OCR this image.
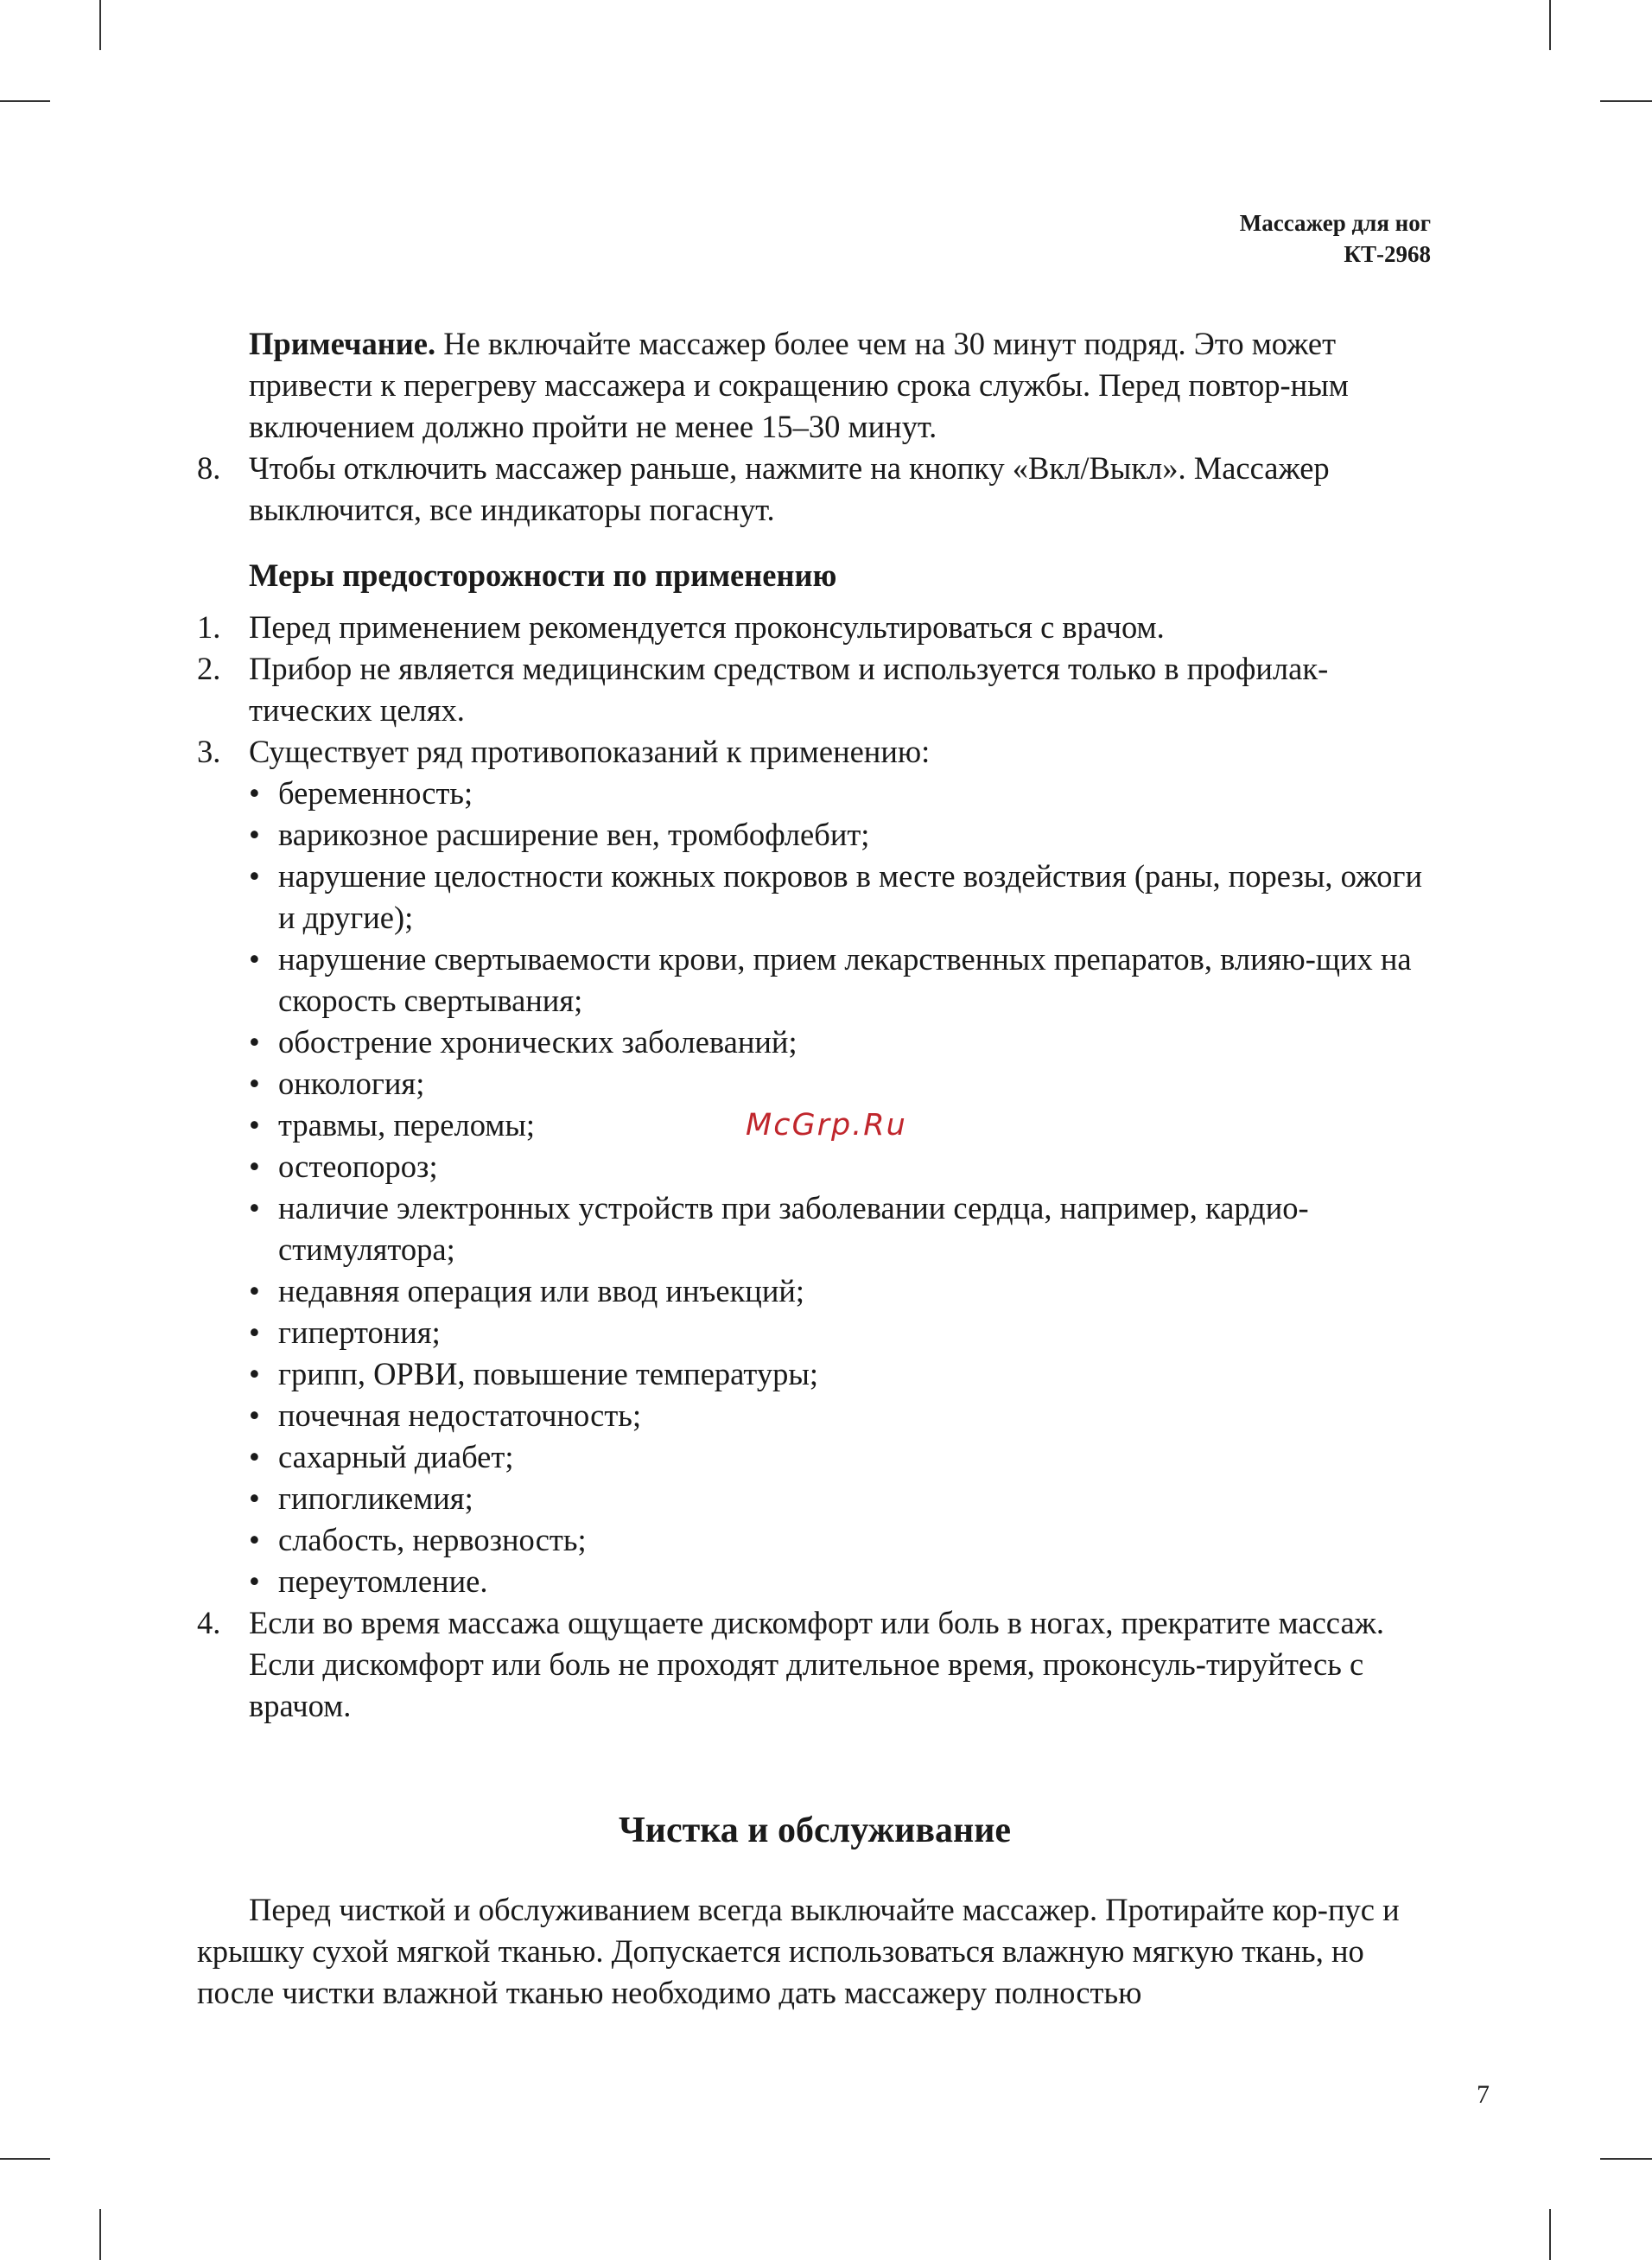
Массажер для ног
КТ-2968
Примечание. Не включайте массажер более чем на 30 минут подряд. Это может привести к перегреву массажера и сокращению срока службы. Перед повтор-ным включением должно пройти не менее 15–30 минут.
8. Чтобы отключить массажер раньше, нажмите на кнопку «Вкл/Выкл». Массажер выключится, все индикаторы погаснут.
Меры предосторожности по применению
1. Перед применением рекомендуется проконсультироваться с врачом.
2. Прибор не является медицинским средством и используется только в профилак-тических целях.
3. Существует ряд противопоказаний к применению:
• беременность;
• варикозное расширение вен, тромбофлебит;
• нарушение целостности кожных покровов в месте воздействия (раны, порезы, ожоги и другие);
• нарушение свертываемости крови, прием лекарственных препаратов, влияю-щих на скорость свертывания;
• обострение хронических заболеваний;
• онкология;
• травмы, переломы;
• остеопороз;
• наличие электронных устройств при заболевании сердца, например, кардио-стимулятора;
• недавняя операция или ввод инъекций;
• гипертония;
• грипп, ОРВИ, повышение температуры;
• почечная недостаточность;
• сахарный диабет;
• гипогликемия;
• слабость, нервозность;
• переутомление.
4. Если во время массажа ощущаете дискомфорт или боль в ногах, прекратите массаж. Если дискомфорт или боль не проходят длительное время, проконсуль-тируйтесь с врачом.
Чистка и обслуживание
Перед чисткой и обслуживанием всегда выключайте массажер. Протирайте кор-пус и крышку сухой мягкой тканью. Допускается использоваться влажную мягкую ткань, но после чистки влажной тканью необходимо дать массажеру полностью
McGrp.Ru
7
